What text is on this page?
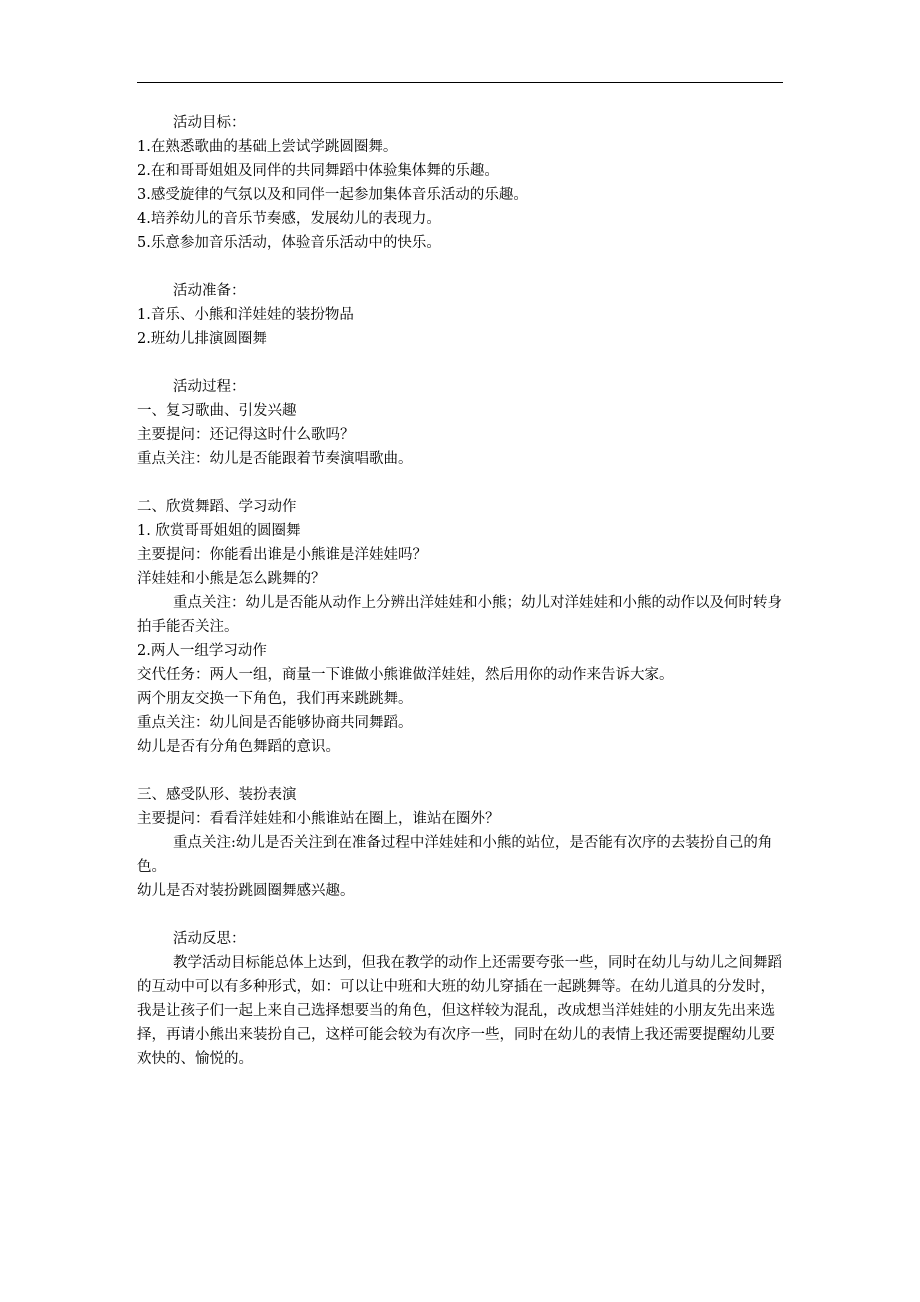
活动目标：

1.在熟悉歌曲的基础上尝试学跳圆圈舞。

2.在和哥哥姐姐及同伴的共同舞蹈中体验集体舞的乐趣。

3.感受旋律的气氛以及和同伴一起参加集体音乐活动的乐趣。

4.培养幼儿的音乐节奏感，发展幼儿的表现力。

5.乐意参加音乐活动，体验音乐活动中的快乐。

活动准备：

1.音乐、小熊和洋娃娃的装扮物品

2.班幼儿排演圆圈舞

活动过程：

一、复习歌曲、引发兴趣

主要提问：还记得这时什么歌吗？

重点关注：幼儿是否能跟着节奏演唱歌曲。

二、欣赏舞蹈、学习动作

1. 欣赏哥哥姐姐的圆圈舞

主要提问：你能看出谁是小熊谁是洋娃娃吗？

洋娃娃和小熊是怎么跳舞的？

重点关注：幼儿是否能从动作上分辨出洋娃娃和小熊；幼儿对洋娃娃和小熊的动作以及何时转身拍手能否关注。

2.两人一组学习动作

交代任务：两人一组，商量一下谁做小熊谁做洋娃娃，然后用你的动作来告诉大家。

两个朋友交换一下角色，我们再来跳跳舞。

重点关注：幼儿间是否能够协商共同舞蹈。

幼儿是否有分角色舞蹈的意识。

三、感受队形、装扮表演

主要提问：看看洋娃娃和小熊谁站在圈上，谁站在圈外？

重点关注:幼儿是否关注到在准备过程中洋娃娃和小熊的站位，是否能有次序的去装扮自己的角色。

幼儿是否对装扮跳圆圈舞感兴趣。

活动反思：

教学活动目标能总体上达到，但我在教学的动作上还需要夸张一些，同时在幼儿与幼儿之间舞蹈的互动中可以有多种形式，如：可以让中班和大班的幼儿穿插在一起跳舞等。在幼儿道具的分发时，我是让孩子们一起上来自己选择想要当的角色，但这样较为混乱，改成想当洋娃娃的小朋友先出来选择，再请小熊出来装扮自己，这样可能会较为有次序一些，同时在幼儿的表情上我还需要提醒幼儿要欢快的、愉悦的。
